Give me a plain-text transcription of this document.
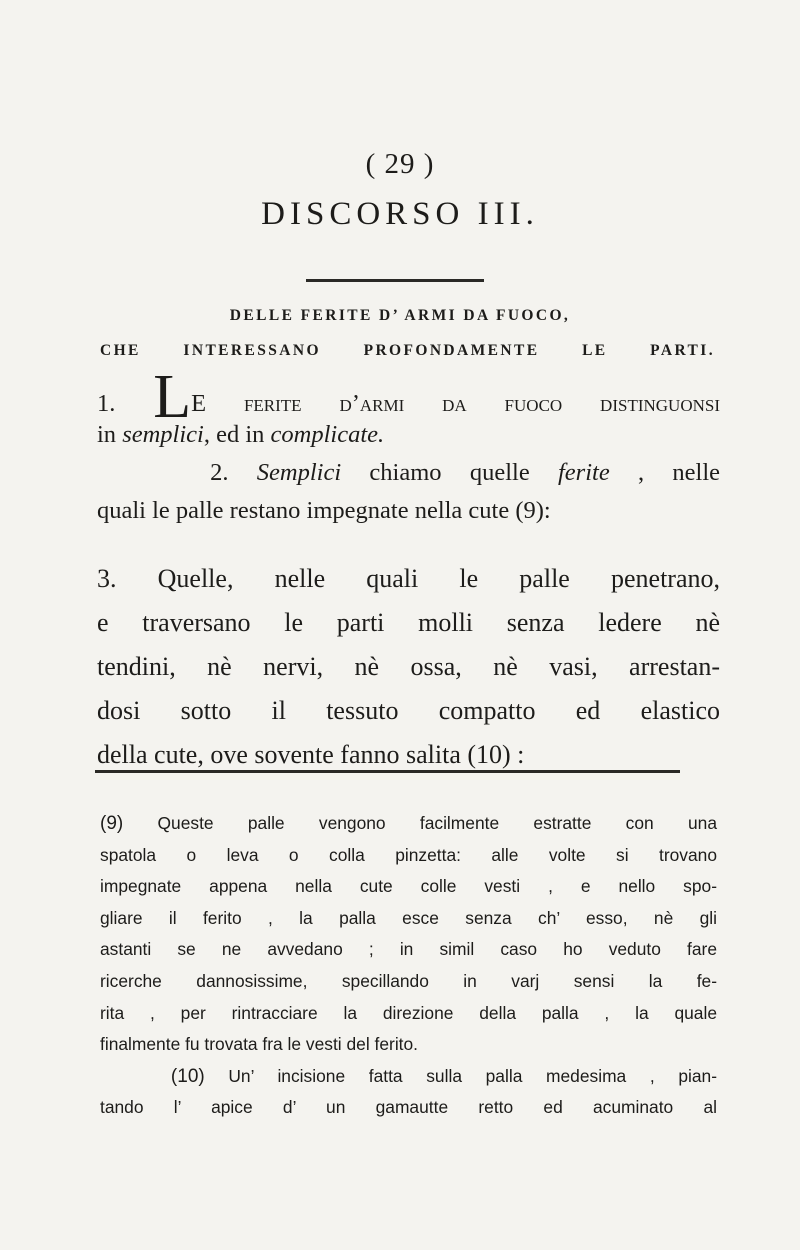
( 29 )
DISCORSO III.
DELLE FERITE D’ ARMI DA FUOCO,
CHE INTERESSANO PROFONDAMENTE LE PARTI.
1. LE ferite d’armi da fuoco distinguonsi
in semplici, ed in complicate.
2. Semplici chiamo quelle ferite , nelle
quali le palle restano impegnate nella cute (9):
3. Quelle, nelle quali le palle penetrano,
e traversano le parti molli senza ledere nè
tendini, nè nervi, nè ossa, nè vasi, arrestan-
dosi sotto il tessuto compatto ed elastico
della cute, ove sovente fanno salita (10) :
(9) Queste palle vengono facilmente estratte con una
spatola o leva o colla pinzetta: alle volte si trovano
impegnate appena nella cute colle vesti , e nello spo-
gliare il ferito , la palla esce senza ch’ esso, nè gli
astanti se ne avvedano ; in simil caso ho veduto fare
ricerche dannosissime, specillando in varj sensi la fe-
rita , per rintracciare la direzione della palla , la quale
finalmente fu trovata fra le vesti del ferito.
(10) Un’ incisione fatta sulla palla medesima , pian-
tando l’ apice d’ un gamautte retto ed acuminato al
